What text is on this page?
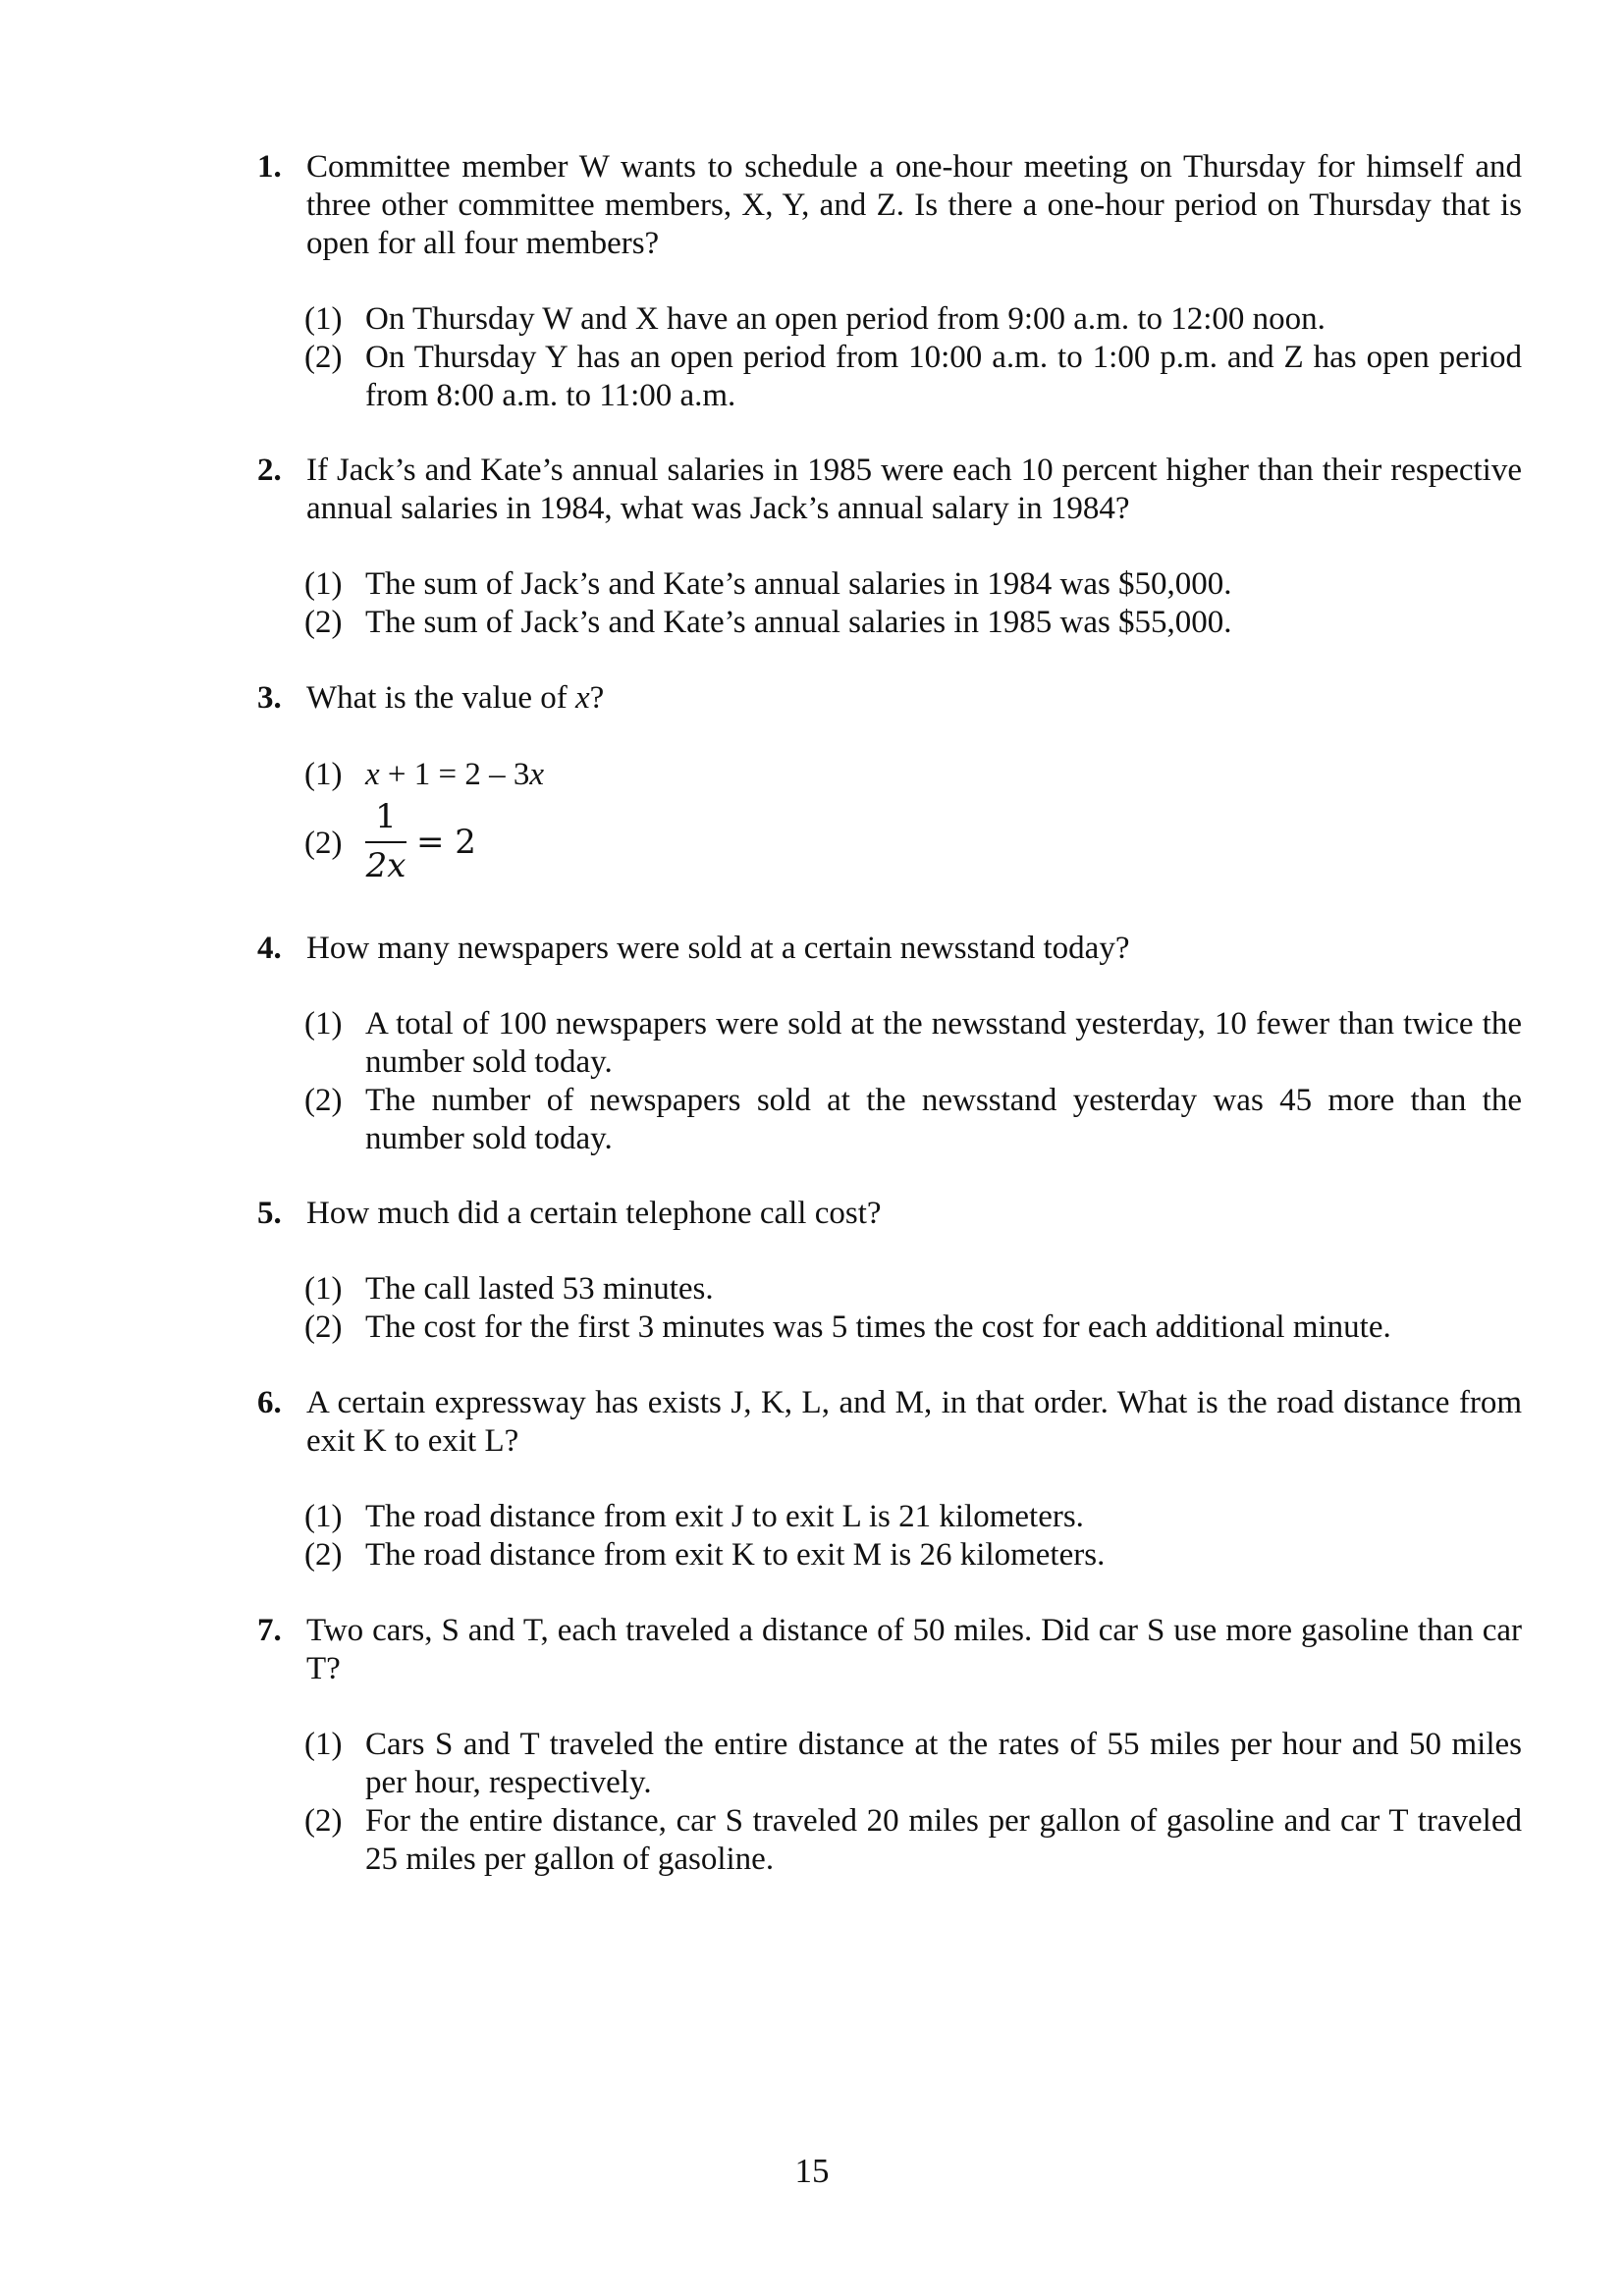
1. Committee member W wants to schedule a one-hour meeting on Thursday for himself and three other committee members, X, Y, and Z. Is there a one-hour period on Thursday that is open for all four members?
(1) On Thursday W and X have an open period from 9:00 a.m. to 12:00 noon.
(2) On Thursday Y has an open period from 10:00 a.m. to 1:00 p.m. and Z has open period from 8:00 a.m. to 11:00 a.m.
2. If Jack’s and Kate’s annual salaries in 1985 were each 10 percent higher than their respective annual salaries in 1984, what was Jack’s annual salary in 1984?
(1) The sum of Jack’s and Kate’s annual salaries in 1984 was $50,000.
(2) The sum of Jack’s and Kate’s annual salaries in 1985 was $55,000.
3. What is the value of x?
(1) x + 1 = 2 – 3x
(2)
1
2x
= 2
4. How many newspapers were sold at a certain newsstand today?
(1) A total of 100 newspapers were sold at the newsstand yesterday, 10 fewer than twice the number sold today.
(2) The number of newspapers sold at the newsstand yesterday was 45 more than the number sold today.
5. How much did a certain telephone call cost?
(1) The call lasted 53 minutes.
(2) The cost for the first 3 minutes was 5 times the cost for each additional minute.
6. A certain expressway has exists J, K, L, and M, in that order. What is the road distance from exit K to exit L?
(1) The road distance from exit J to exit L is 21 kilometers.
(2) The road distance from exit K to exit M is 26 kilometers.
7. Two cars, S and T, each traveled a distance of 50 miles. Did car S use more gasoline than car T?
(1) Cars S and T traveled the entire distance at the rates of 55 miles per hour and 50 miles per hour, respectively.
(2) For the entire distance, car S traveled 20 miles per gallon of gasoline and car T traveled 25 miles per gallon of gasoline.
15
